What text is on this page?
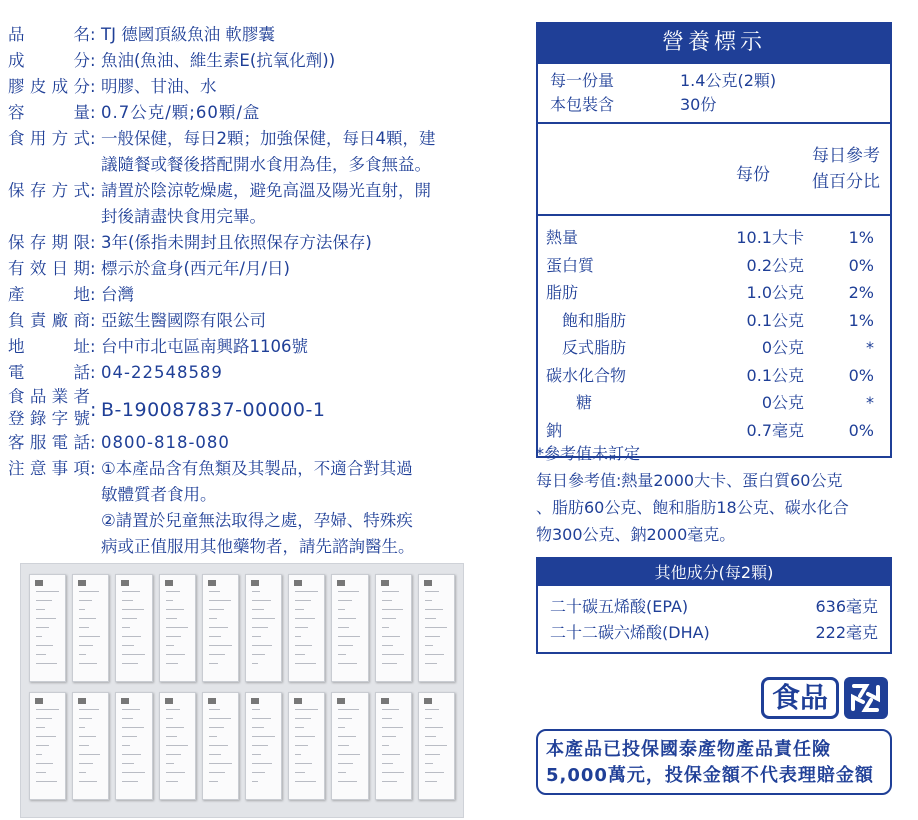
品	名 : TJ 德國頂級魚油 軟膠囊
成	分 : 魚油(魚油、維生素E(抗氧化劑))
膠 皮 成 分 : 明膠、甘油、水
容	量 : 0.7公克/顆;60顆/盒
食 用 方 式 : 一般保健，每日2顆；加強保健，每日4顆，建
議隨餐或餐後搭配開水食用為佳，多食無益。
保 存 方 式 : 請置於陰涼乾燥處，避免高溫及陽光直射，開
封後請盡快食用完畢。
保 存 期 限 : 3年(係指未開封且依照保存方法保存)
有 效 日 期 : 標示於盒身(西元年/月/日)
產	地 : 台灣
負 責 廠 商 : 亞鋐生醫國際有限公司
地	址 : 台中市北屯區南興路1106號
電	話 : 04-22548589
食 品 業 者
登 錄 字 號 : B-190087837-00000-1
客 服 電 話 : 0800-818-080
注 意 事 項 : ①本產品含有魚類及其製品，不適合對其過
敏體質者食用。
②請置於兒童無法取得之處，孕婦、特殊疾
病或正值服用其他藥物者，請先諮詢醫生。
營養標示
每一份量	1.4公克(2顆)
本包裝含	30份
每份
每日參考
值百分比
熱量	10.1大卡	1%
蛋白質	0.2公克	0%
脂肪	1.0公克	2%
飽和脂肪	0.1公克	1%
反式脂肪	0公克	*
碳水化合物	0.1公克	0%
糖	0公克	*
鈉	0.7毫克	0%
*參考值未訂定
每日參考值:熱量2000大卡、蛋白質60公克
、脂肪60公克、飽和脂肪18公克、碳水化合
物300公克、鈉2000毫克。
其他成分(每2顆)
二十碳五烯酸(EPA)	636毫克
二十二碳六烯酸(DHA)	222毫克
食品
本產品已投保國泰產物產品責任險
5,000萬元，投保金額不代表理賠金額
